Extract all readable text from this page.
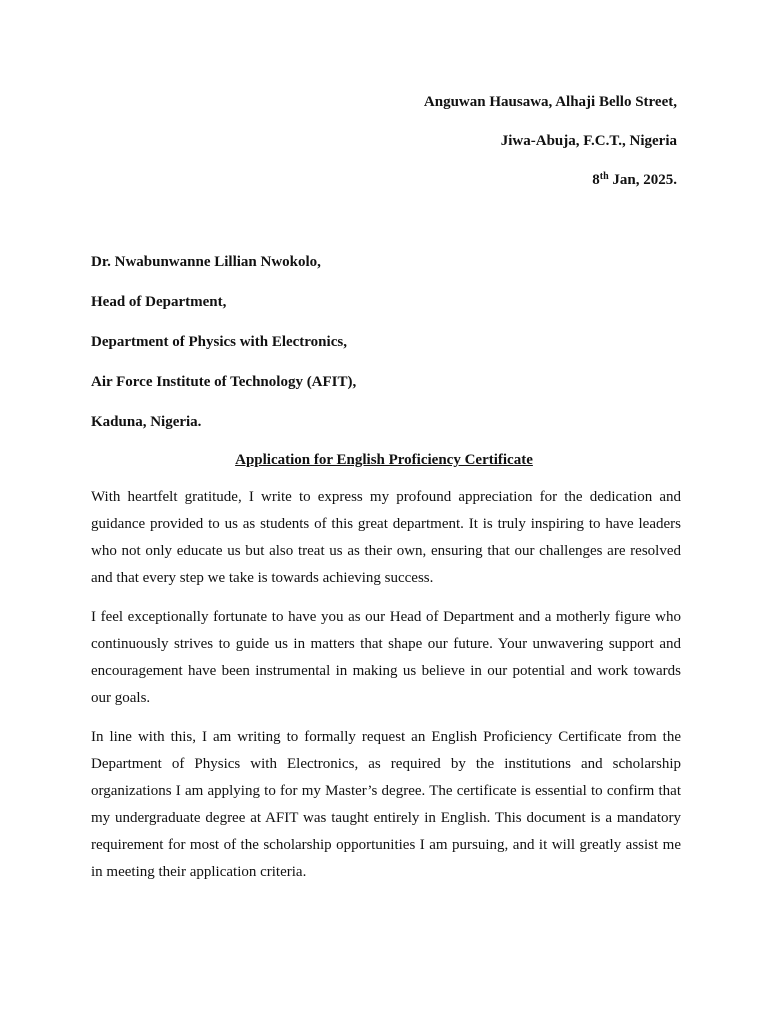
Anguwan Hausawa, Alhaji Bello Street,
Jiwa-Abuja, F.C.T., Nigeria
8th Jan, 2025.
Dr. Nwabunwanne Lillian Nwokolo,
Head of Department,
Department of Physics with Electronics,
Air Force Institute of Technology (AFIT),
Kaduna, Nigeria.
Application for English Proficiency Certificate

With heartfelt gratitude, I write to express my profound appreciation for the dedication and guidance provided to us as students of this great department. It is truly inspiring to have leaders who not only educate us but also treat us as their own, ensuring that our challenges are resolved and that every step we take is towards achieving success.

I feel exceptionally fortunate to have you as our Head of Department and a motherly figure who continuously strives to guide us in matters that shape our future. Your unwavering support and encouragement have been instrumental in making us believe in our potential and work towards our goals.

In line with this, I am writing to formally request an English Proficiency Certificate from the Department of Physics with Electronics, as required by the institutions and scholarship organizations I am applying to for my Master’s degree. The certificate is essential to confirm that my undergraduate degree at AFIT was taught entirely in English. This document is a mandatory requirement for most of the scholarship opportunities I am pursuing, and it will greatly assist me in meeting their application criteria.
